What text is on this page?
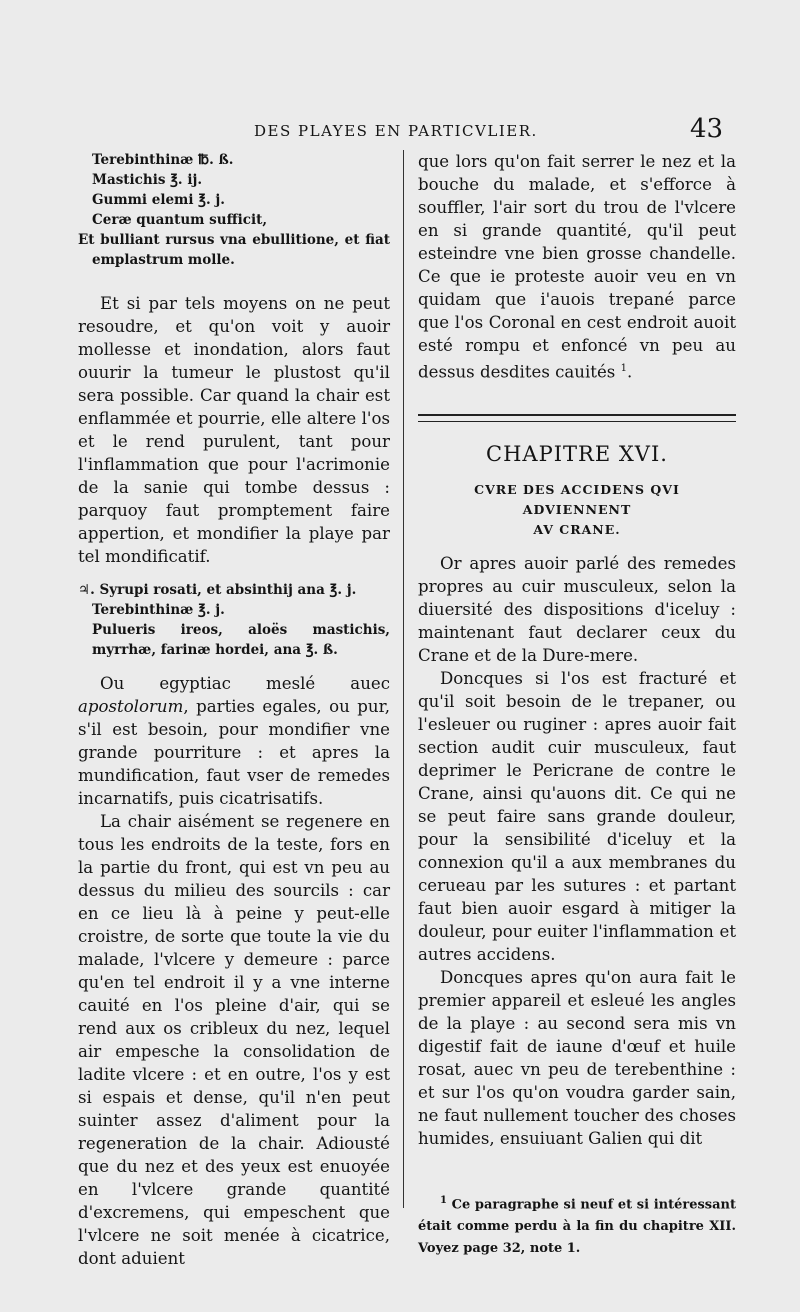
DES PLAYES EN PARTICVLIER.	43
Terebinthinæ ℔. ß.
Mastichis ℥. ij.
Gummi elemi ℥. j.
Ceræ quantum sufficit,
Et bulliant rursus vna ebullitione, et fiat emplastrum molle.

Et si par tels moyens on ne peut resoudre, et qu'on voit y auoir mollesse et inondation, alors faut ouurir la tumeur le plustost qu'il sera possible. Car quand la chair est enflammée et pourrie, elle altere l'os et le rend purulent, tant pour l'inflammation que pour l'acrimonie de la sanie qui tombe dessus : parquoy faut promptement faire appertion, et mondifier la playe par tel mondificatif.

♃. Syrupi rosati, et absinthij ana ℥. j.
Terebinthinæ ℥. j.
Pulueris ireos, aloës mastichis, myrrhæ, farinæ hordei, ana ℥. ß.

Ou egyptiac meslé auec apostolorum, parties egales, ou pur, s'il est besoin, pour mondifier vne grande pourriture : et apres la mundification, faut vser de remedes incarnatifs, puis cicatrisatifs.

La chair aisément se regenere en tous les endroits de la teste, fors en la partie du front, qui est vn peu au dessus du milieu des sourcils : car en ce lieu là à peine y peut-elle croistre, de sorte que toute la vie du malade, l'vlcere y demeure : parce qu'en tel endroit il y a vne interne cauité en l'os pleine d'air, qui se rend aux os cribleux du nez, lequel air empesche la consolidation de ladite vlcere : et en outre, l'os y est si espais et dense, qu'il n'en peut suinter assez d'aliment pour la regeneration de la chair. Adiousté que du nez et des yeux est enuoyée en l'vlcere grande quantité d'excremens, qui empeschent que l'vlcere ne soit menée à cicatrice, dont aduient

que lors qu'on fait serrer le nez et la bouche du malade, et s'efforce à souffler, l'air sort du trou de l'vlcere en si grande quantité, qu'il peut esteindre vne bien grosse chandelle. Ce que ie proteste auoir veu en vn quidam que i'auois trepané parce que l'os Coronal en cest endroit auoit esté rompu et enfoncé vn peu au dessus desdites cauités $^1$.

CHAPITRE XVI.
CVRE DES ACCIDENS QVI ADVIENNENT
AV CRANE.

Or apres auoir parlé des remedes propres au cuir musculeux, selon la diuersité des dispositions d'iceluy : maintenant faut declarer ceux du Crane et de la Dure-mere.

Doncques si l'os est fracturé et qu'il soit besoin de le trepaner, ou l'esleuer ou ruginer : apres auoir fait section audit cuir musculeux, faut deprimer le Pericrane de contre le Crane, ainsi qu'auons dit. Ce qui ne se peut faire sans grande douleur, pour la sensibilité d'iceluy et la connexion qu'il a aux membranes du cerueau par les sutures : et partant faut bien auoir esgard à mitiger la douleur, pour euiter l'inflammation et autres accidens.

Doncques apres qu'on aura fait le premier appareil et esleué les angles de la playe : au second sera mis vn digestif fait de iaune d'œuf et huile rosat, auec vn peu de terebenthine : et sur l'os qu'on voudra garder sain, ne faut nullement toucher des choses humides, ensuiuant Galien qui dit

$^1$ Ce paragraphe si neuf et si intéressant était comme perdu à la fin du chapitre XII. Voyez page 32, note 1.
